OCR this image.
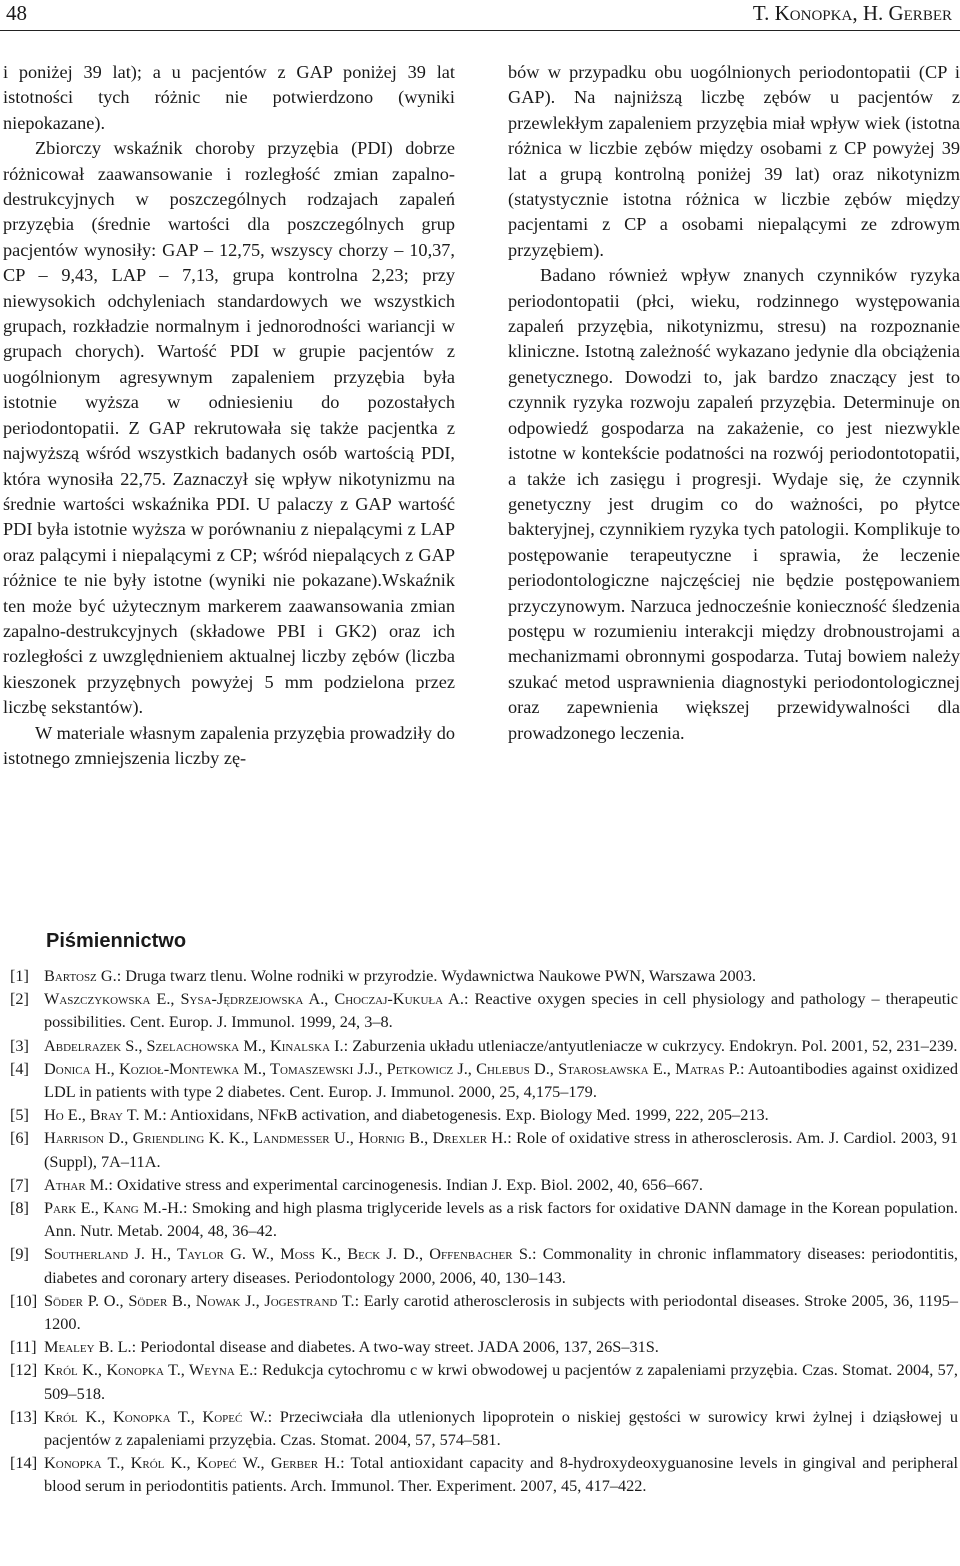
48	T. Konopka, H. Gerber

i poniżej 39 lat); a u pacjentów z GAP poniżej 39 lat istotności tych różnic nie potwierdzono (wyniki niepokazane).

Zbiorczy wskaźnik choroby przyzębia (PDI) dobrze różnicował zaawansowanie i rozległość zmian zapalno-destrukcyjnych w poszczególnych rodzajach zapaleń przyzębia (średnie wartości dla poszczególnych grup pacjentów wynosiły: GAP – 12,75, wszyscy chorzy – 10,37, CP – 9,43, LAP – 7,13, grupa kontrolna 2,23; przy niewysokich odchyleniach standardowych we wszystkich grupach, rozkładzie normalnym i jednorodności wariancji w grupach chorych). Wartość PDI w grupie pacjentów z uogólnionym agresywnym zapaleniem przyzębia była istotnie wyższa w odniesieniu do pozostałych periodontopatii. Z GAP rekrutowała się także pacjentka z najwyższą wśród wszystkich badanych osób wartością PDI, która wynosiła 22,75. Zaznaczył się wpływ nikotynizmu na średnie wartości wskaźnika PDI. U palaczy z GAP wartość PDI była istotnie wyższa w porównaniu z niepalącymi z LAP oraz palącymi i niepalącymi z CP; wśród niepalących z GAP różnice te nie były istotne (wyniki nie pokazane).Wskaźnik ten może być użytecznym markerem zaawansowania zmian zapalno-destrukcyjnych (składowe PBI i GK2) oraz ich rozległości z uwzględnieniem aktualnej liczby zębów (liczba kieszonek przyzębnych powyżej 5 mm podzielona przez liczbę sekstantów).

W materiale własnym zapalenia przyzębia prowadziły do istotnego zmniejszenia liczby zę-

bów w przypadku obu uogólnionych periodontopatii (CP i GAP). Na najniższą liczbę zębów u pacjentów z przewlekłym zapaleniem przyzębia miał wpływ wiek (istotna różnica w liczbie zębów między osobami z CP powyżej 39 lat a grupą kontrolną poniżej 39 lat) oraz nikotynizm (statystycznie istotna różnica w liczbie zębów między pacjentami z CP a osobami niepalącymi ze zdrowym przyzębiem).

Badano również wpływ znanych czynników ryzyka periodontopatii (płci, wieku, rodzinnego występowania zapaleń przyzębia, nikotynizmu, stresu) na rozpoznanie kliniczne. Istotną zależność wykazano jedynie dla obciążenia genetycznego. Dowodzi to, jak bardzo znaczący jest to czynnik ryzyka rozwoju zapaleń przyzębia. Determinuje on odpowiedź gospodarza na zakażenie, co jest niezwykle istotne w kontekście podatności na rozwój periodontotopatii, a także ich zasięgu i progresji. Wydaje się, że czynnik genetyczny jest drugim co do ważności, po płytce bakteryjnej, czynnikiem ryzyka tych patologii. Komplikuje to postępowanie terapeutyczne i sprawia, że leczenie periodontologiczne najczęściej nie będzie postępowaniem przyczynowym. Narzuca jednocześnie konieczność śledzenia postępu w rozumieniu interakcji między drobnoustrojami a mechanizmami obronnymi gospodarza. Tutaj bowiem należy szukać metod usprawnienia diagnostyki periodontologicznej oraz zapewnienia większej przewidywalności dla prowadzonego leczenia.

Piśmiennictwo
[1] Bartosz G.: Druga twarz tlenu. Wolne rodniki w przyrodzie. Wydawnictwa Naukowe PWN, Warszawa 2003.
[2] Waszczykowska E., Sysa-Jędrzejowska A., Choczaj-Kukuła A.: Reactive oxygen species in cell physiology and pathology – therapeutic possibilities. Cent. Europ. J. Immunol. 1999, 24, 3–8.
[3] Abdelrazek S., Szelachowska M., Kinalska I.: Zaburzenia układu utleniacze/antyutleniacze w cukrzycy. Endokryn. Pol. 2001, 52, 231–239.
[4] Donica H., Kozioł-Montewka M., Tomaszewski J.J., Petkowicz J., Chlebus D., Starosławska E., Matras P.: Autoantibodies against oxidized LDL in patients with type 2 diabetes. Cent. Europ. J. Immunol. 2000, 25, 4,175–179.
[5] Ho E., Bray T. M.: Antioxidans, NFκB activation, and diabetogenesis. Exp. Biology Med. 1999, 222, 205–213.
[6] Harrison D., Griendling K. K., Landmesser U., Hornig B., Drexler H.: Role of oxidative stress in atherosclerosis. Am. J. Cardiol. 2003, 91 (Suppl), 7A–11A.
[7] Athar M.: Oxidative stress and experimental carcinogenesis. Indian J. Exp. Biol. 2002, 40, 656–667.
[8] Park E., Kang M.-H.: Smoking and high plasma triglyceride levels as a risk factors for oxidative DANN damage in the Korean population. Ann. Nutr. Metab. 2004, 48, 36–42.
[9] Southerland J. H., Taylor G. W., Moss K., Beck J. D., Offenbacher S.: Commonality in chronic inflammatory diseases: periodontitis, diabetes and coronary artery diseases. Periodontology 2000, 2006, 40, 130–143.
[10] Söder P. O., Söder B., Nowak J., Jogestrand T.: Early carotid atherosclerosis in subjects with periodontal diseases. Stroke 2005, 36, 1195–1200.
[11] Mealey B. L.: Periodontal disease and diabetes. A two-way street. JADA 2006, 137, 26S–31S.
[12] Król K., Konopka T., Weyna E.: Redukcja cytochromu c w krwi obwodowej u pacjentów z zapaleniami przyzębia. Czas. Stomat. 2004, 57, 509–518.
[13] Król K., Konopka T., Kopeć W.: Przeciwciała dla utlenionych lipoprotein o niskiej gęstości w surowicy krwi żylnej i dziąsłowej u pacjentów z zapaleniami przyzębia. Czas. Stomat. 2004, 57, 574–581.
[14] Konopka T., Król K., Kopeć W., Gerber H.: Total antioxidant capacity and 8-hydroxydeoxyguanosine levels in gingival and peripheral blood serum in periodontitis patients. Arch. Immunol. Ther. Experiment. 2007, 45, 417–422.
